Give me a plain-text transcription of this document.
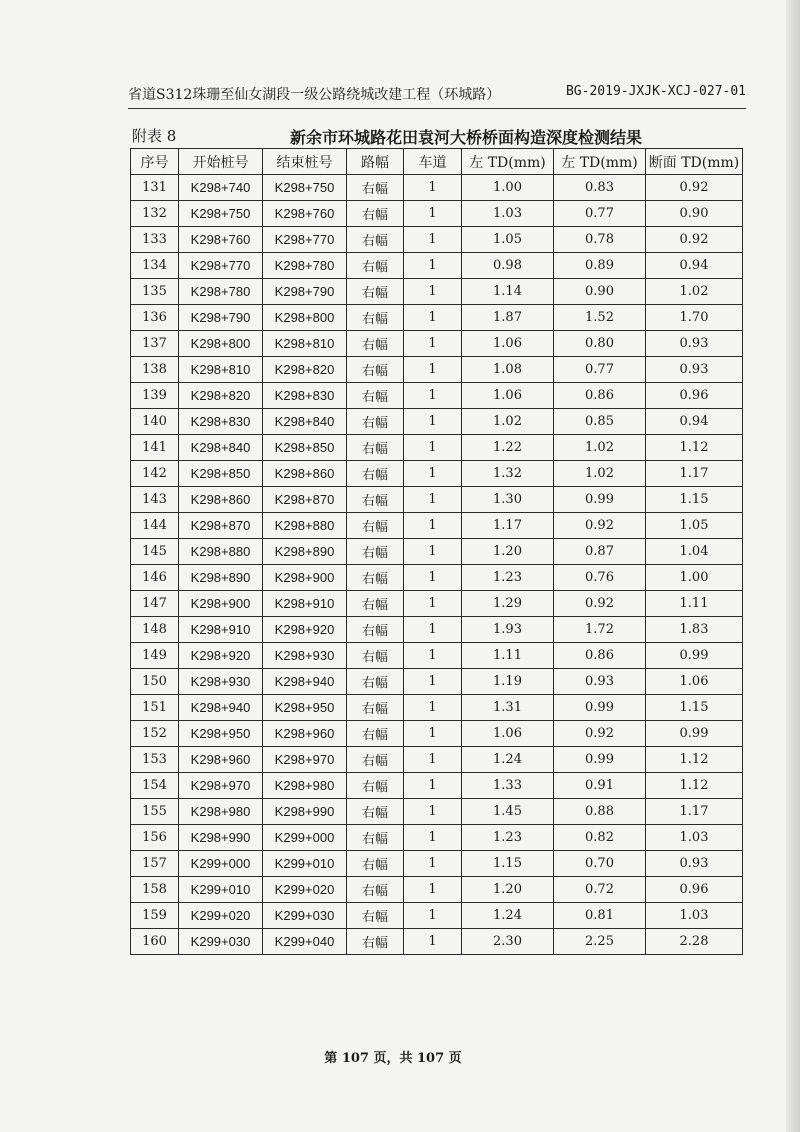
省道S312珠珊至仙女湖段一级公路绕城改建工程（环城路）	BG-2019-JXJK-XCJ-027-01
附表 8	新余市环城路花田袁河大桥桥面构造深度检测结果
序号	开始桩号	结束桩号	路幅	车道	左 TD(mm)	左 TD(mm)	断面 TD(mm)
131	K298+740	K298+750	右幅	1	1.00	0.83	0.92
132	K298+750	K298+760	右幅	1	1.03	0.77	0.90
133	K298+760	K298+770	右幅	1	1.05	0.78	0.92
134	K298+770	K298+780	右幅	1	0.98	0.89	0.94
135	K298+780	K298+790	右幅	1	1.14	0.90	1.02
136	K298+790	K298+800	右幅	1	1.87	1.52	1.70
137	K298+800	K298+810	右幅	1	1.06	0.80	0.93
138	K298+810	K298+820	右幅	1	1.08	0.77	0.93
139	K298+820	K298+830	右幅	1	1.06	0.86	0.96
140	K298+830	K298+840	右幅	1	1.02	0.85	0.94
141	K298+840	K298+850	右幅	1	1.22	1.02	1.12
142	K298+850	K298+860	右幅	1	1.32	1.02	1.17
143	K298+860	K298+870	右幅	1	1.30	0.99	1.15
144	K298+870	K298+880	右幅	1	1.17	0.92	1.05
145	K298+880	K298+890	右幅	1	1.20	0.87	1.04
146	K298+890	K298+900	右幅	1	1.23	0.76	1.00
147	K298+900	K298+910	右幅	1	1.29	0.92	1.11
148	K298+910	K298+920	右幅	1	1.93	1.72	1.83
149	K298+920	K298+930	右幅	1	1.11	0.86	0.99
150	K298+930	K298+940	右幅	1	1.19	0.93	1.06
151	K298+940	K298+950	右幅	1	1.31	0.99	1.15
152	K298+950	K298+960	右幅	1	1.06	0.92	0.99
153	K298+960	K298+970	右幅	1	1.24	0.99	1.12
154	K298+970	K298+980	右幅	1	1.33	0.91	1.12
155	K298+980	K298+990	右幅	1	1.45	0.88	1.17
156	K298+990	K299+000	右幅	1	1.23	0.82	1.03
157	K299+000	K299+010	右幅	1	1.15	0.70	0.93
158	K299+010	K299+020	右幅	1	1.20	0.72	0.96
159	K299+020	K299+030	右幅	1	1.24	0.81	1.03
160	K299+030	K299+040	右幅	1	2.30	2.25	2.28
第 107 页，共 107 页
